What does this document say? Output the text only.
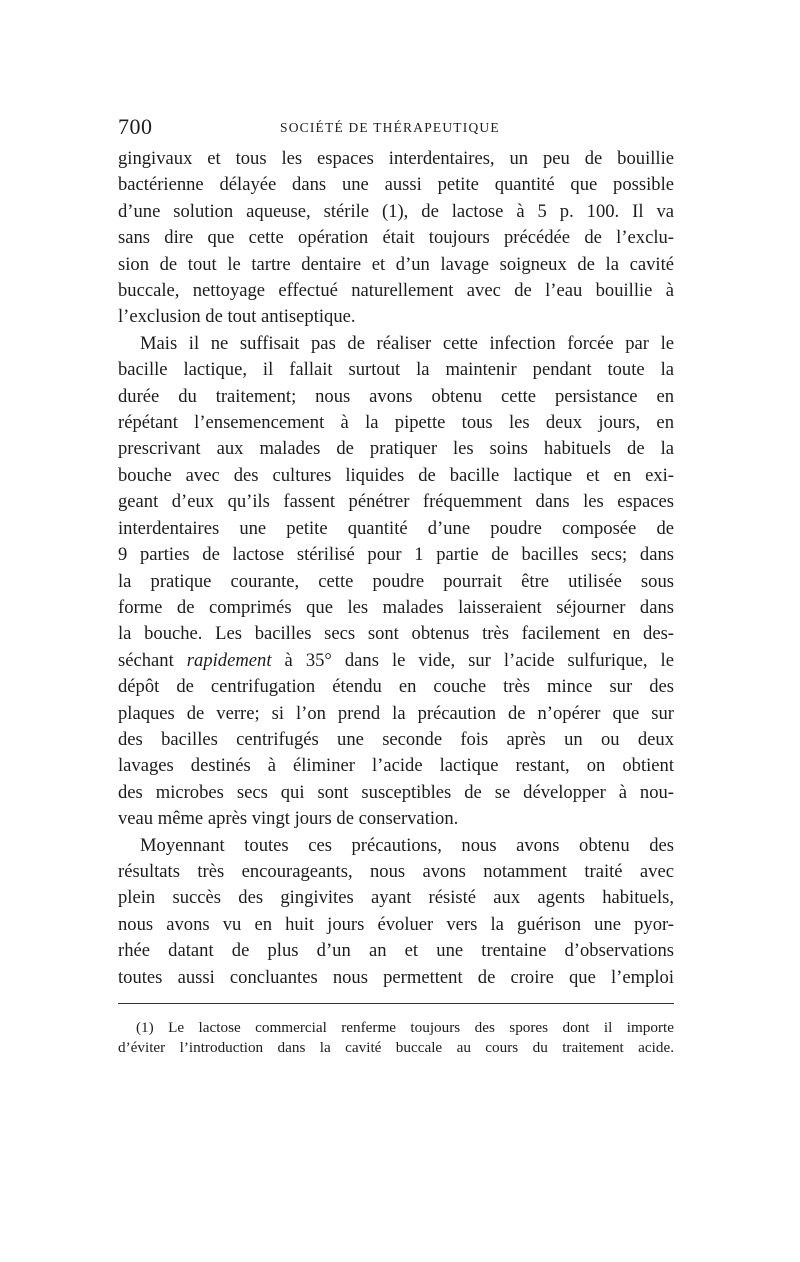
700	SOCIÉTÉ DE THÉRAPEUTIQUE
gingivaux et tous les espaces interdentaires, un peu de bouillie
bactérienne délayée dans une aussi petite quantité que possible
d’une solution aqueuse, stérile (1), de lactose à 5 p. 100. Il va
sans dire que cette opération était toujours précédée de l’exclu-
sion de tout le tartre dentaire et d’un lavage soigneux de la cavité
buccale, nettoyage effectué naturellement avec de l’eau bouillie à
l’exclusion de tout antiseptique.
Mais il ne suffisait pas de réaliser cette infection forcée par le
bacille lactique, il fallait surtout la maintenir pendant toute la
durée du traitement; nous avons obtenu cette persistance en
répétant l’ensemencement à la pipette tous les deux jours, en
prescrivant aux malades de pratiquer les soins habituels de la
bouche avec des cultures liquides de bacille lactique et en exi-
geant d’eux qu’ils fassent pénétrer fréquemment dans les espaces
interdentaires une petite quantité d’une poudre composée de
9 parties de lactose stérilisé pour 1 partie de bacilles secs; dans
la pratique courante, cette poudre pourrait être utilisée sous
forme de comprimés que les malades laisseraient séjourner dans
la bouche. Les bacilles secs sont obtenus très facilement en des-
séchant rapidement à 35° dans le vide, sur l’acide sulfurique, le
dépôt de centrifugation étendu en couche très mince sur des
plaques de verre; si l’on prend la précaution de n’opérer que sur
des bacilles centrifugés une seconde fois après un ou deux
lavages destinés à éliminer l’acide lactique restant, on obtient
des microbes secs qui sont susceptibles de se développer à nou-
veau même après vingt jours de conservation.
Moyennant toutes ces précautions, nous avons obtenu des
résultats très encourageants, nous avons notamment traité avec
plein succès des gingivites ayant résisté aux agents habituels,
nous avons vu en huit jours évoluer vers la guérison une pyor-
rhée datant de plus d’un an et une trentaine d’observations
toutes aussi concluantes nous permettent de croire que l’emploi
(1) Le lactose commercial renferme toujours des spores dont il importe
d’éviter l’introduction dans la cavité buccale au cours du traitement acide.
